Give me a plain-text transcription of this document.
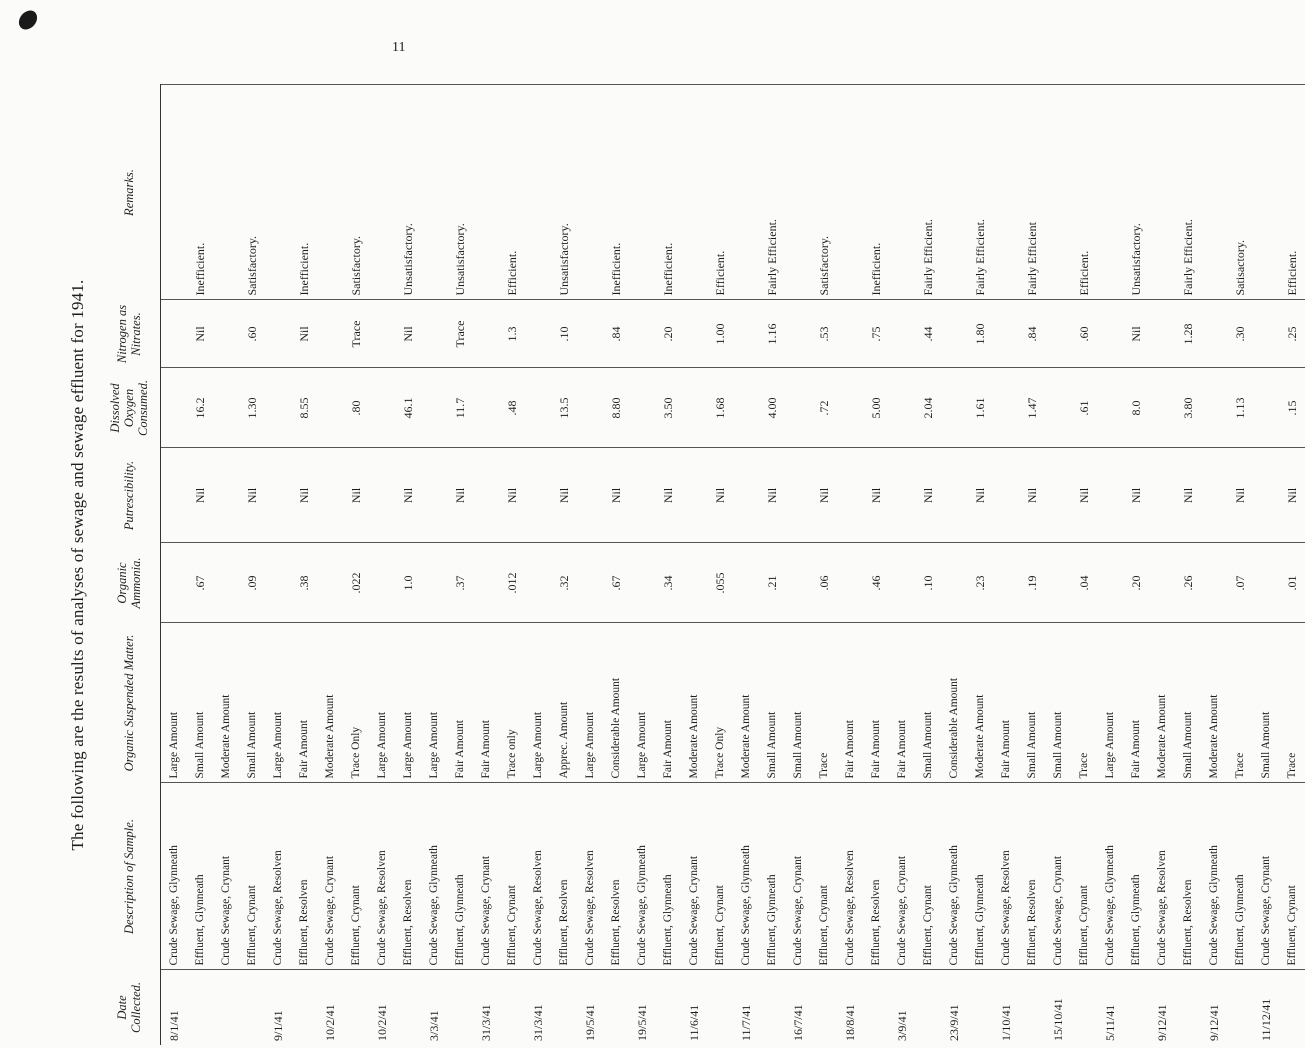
11
The following are the results of analyses of sewage and sewage effluent for 1941.
Date Collected.	Description of Sample.	Organic Suspended Matter.	Organic Ammonia.	Putrescibility.	Dissolved Oxygen Consumed.	Nitrogen as Nitrates.	Remarks.
8/1/41	Crude Sewage, Glynneath	Large Amount					
	Effluent, Glynneath	Small Amount	.67	Nil	16.2	Nil	Inefficient.
	Crude Sewage, Crynant	Moderate Amount					
	Effluent, Crynant	Small Amount	.09	Nil	1.30	.60	Satisfactory.
9/1/41	Crude Sewage, Resolven	Large Amount					
	Effluent, Resolven	Fair Amount	.38	Nil	8.55	Nil	Inefficient.
10/2/41	Crude Sewage, Crynant	Moderate Amount					
	Effluent, Crynant	Trace Only	.022	Nil	.80	Trace	Satisfactory.
10/2/41	Crude Sewage, Resolven	Large Amount					
	Effluent, Resolven	Large Amount	1.0	Nil	46.1	Nil	Unsatisfactory.
3/3/41	Crude Sewage, Glynneath	Large Amount					
	Effluent, Glynneath	Fair Amount	.37	Nil	11.7	Trace	Unsatisfactory.
31/3/41	Crude Sewage, Crynant	Fair Amount					
	Effluent, Crynant	Trace only	.012	Nil	.48	1.3	Efficient.
31/3/41	Crude Sewage, Resolven	Large Amount					
	Effluent, Resolven	Apprec. Amount	.32	Nil	13.5	.10	Unsatisfactory.
19/5/41	Crude Sewage, Resolven	Large Amount					
	Effluent, Resolven	Considerable Amount	.67	Nil	8.80	.84	Inefficient.
19/5/41	Crude Sewage, Glynneath	Large Amount					
	Effluent, Glynneath	Fair Amount	.34	Nil	3.50	.20	Inefficient.
11/6/41	Crude Sewage, Crynant	Moderate Amount					
	Effluent, Crynant	Trace Only	.055	Nil	1.68	1.00	Efficient.
11/7/41	Crude Sewage, Glynneath	Moderate Amount					
	Effluent, Glynneath	Small Amount	.21	Nil	4.00	1.16	Fairly Efficient.
16/7/41	Crude Sewage, Crynant	Small Amount					
	Effluent, Crynant	Trace	.06	Nil	.72	.53	Satisfactory.
18/8/41	Crude Sewage, Resolven	Fair Amount					
	Effluent, Resolven	Fair Amount	.46	Nil	5.00	.75	Inefficient.
3/9/41	Crude Sewage, Crynant	Fair Amount					
	Effluent, Crynant	Small Amount	.10	Nil	2.04	.44	Fairly Efficient.
23/9/41	Crude Sewage, Glynneath	Considerable Amount					
	Effluent, Glynneath	Moderate Amount	.23	Nil	1.61	1.80	Fairly Efficient.
1/10/41	Crude Sewage, Resolven	Fair Amount					
	Effluent, Resolven	Small Amount	.19	Nil	1.47	.84	Fairly Efficient
15/10/41	Crude Sewage, Crynant	Small Amount					
	Effluent, Crynant	Trace	.04	Nil	.61	.60	Efficient.
5/11/41	Crude Sewage, Glynneath	Large Amount					
	Effluent, Glynneath	Fair Amount	.20	Nil	8.0	Nil	Unsatisfactory.
9/12/41	Crude Sewage, Resolven	Moderate Amount					
	Effluent, Resolven	Small Amount	.26	Nil	3.80	1.28	Fairly Efficient.
9/12/41	Crude Sewage, Glynneath	Moderate Amount					
	Effluent, Glynneath	Trace	.07	Nil	1.13	.30	Satisactory.
11/12/41	Crude Sewage, Crynant	Small Amount					
	Effluent, Crynant	Trace	.01	Nil	.15	.25	Efficient.
